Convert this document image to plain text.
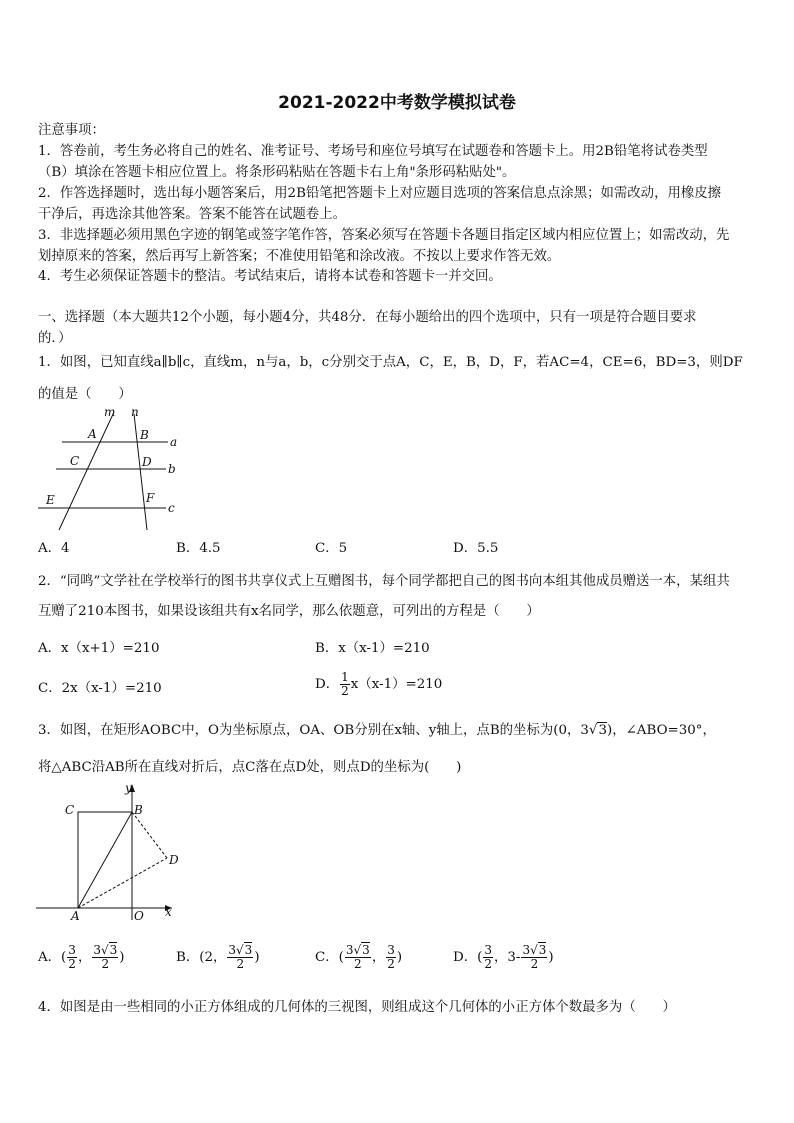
2021-2022中考数学模拟试卷
注意事项：
1．答卷前，考生务必将自己的姓名、准考证号、考场号和座位号填写在试题卷和答题卡上。用2B铅笔将试卷类型
（B）填涂在答题卡相应位置上。将条形码粘贴在答题卡右上角"条形码粘贴处"。
2．作答选择题时，选出每小题答案后，用2B铅笔把答题卡上对应题目选项的答案信息点涂黑；如需改动，用橡皮擦
干净后，再选涂其他答案。答案不能答在试题卷上。
3．非选择题必须用黑色字迹的钢笔或签字笔作答，答案必须写在答题卡各题目指定区域内相应位置上；如需改动，先
划掉原来的答案，然后再写上新答案；不准使用铅笔和涂改液。不按以上要求作答无效。
4．考生必须保证答题卡的整洁。考试结束后，请将本试卷和答题卡一并交回。
一、选择题（本大题共12个小题，每小题4分，共48分．在每小题给出的四个选项中，只有一项是符合题目要求
的．）
1．如图，已知直线a∥b∥c，直线m，n与a，b，c分别交于点A，C，E，B，D，F，若AC=4，CE=6，BD=3，则DF
的值是（　　）
m n
a
b
c
A	B
C	D
E	F
A．4	B．4.5	C．5	D．5.5
2．“同鸣”文学社在学校举行的图书共享仪式上互赠图书，每个同学都把自己的图书向本组其他成员赠送一本，某组共
互赠了210本图书，如果设该组共有x名同学，那么依题意，可列出的方程是（　　）
A．x（x+1）=210	B．x（x-1）=210
C．2x（x-1）=210	D． $\frac{1}{2} x(x-1)=210$
3．如图，在矩形AOBC中，O为坐标原点，OA、OB分别在x轴、y轴上，点B的坐标为(0，3√3)，∠ABO=30°，
将△ABC沿AB所在直线对折后，点C落在点D处，则点D的坐标为(　　)
y
x
C	B
D
A	O
A．( $\frac{3}{2}$ ， $\frac{3√3}{2}$ )	B．(2， $\frac{3√3}{2}$ )	C．( $\frac{3√3}{2}$ ， $\frac{3}{2}$ )	D．( $\frac{3}{2}$ ，$3- \frac{3√3}{2}$ )
4．如图是由一些相同的小正方体组成的几何体的三视图，则组成这个几何体的小正方体个数最多为（　　）
